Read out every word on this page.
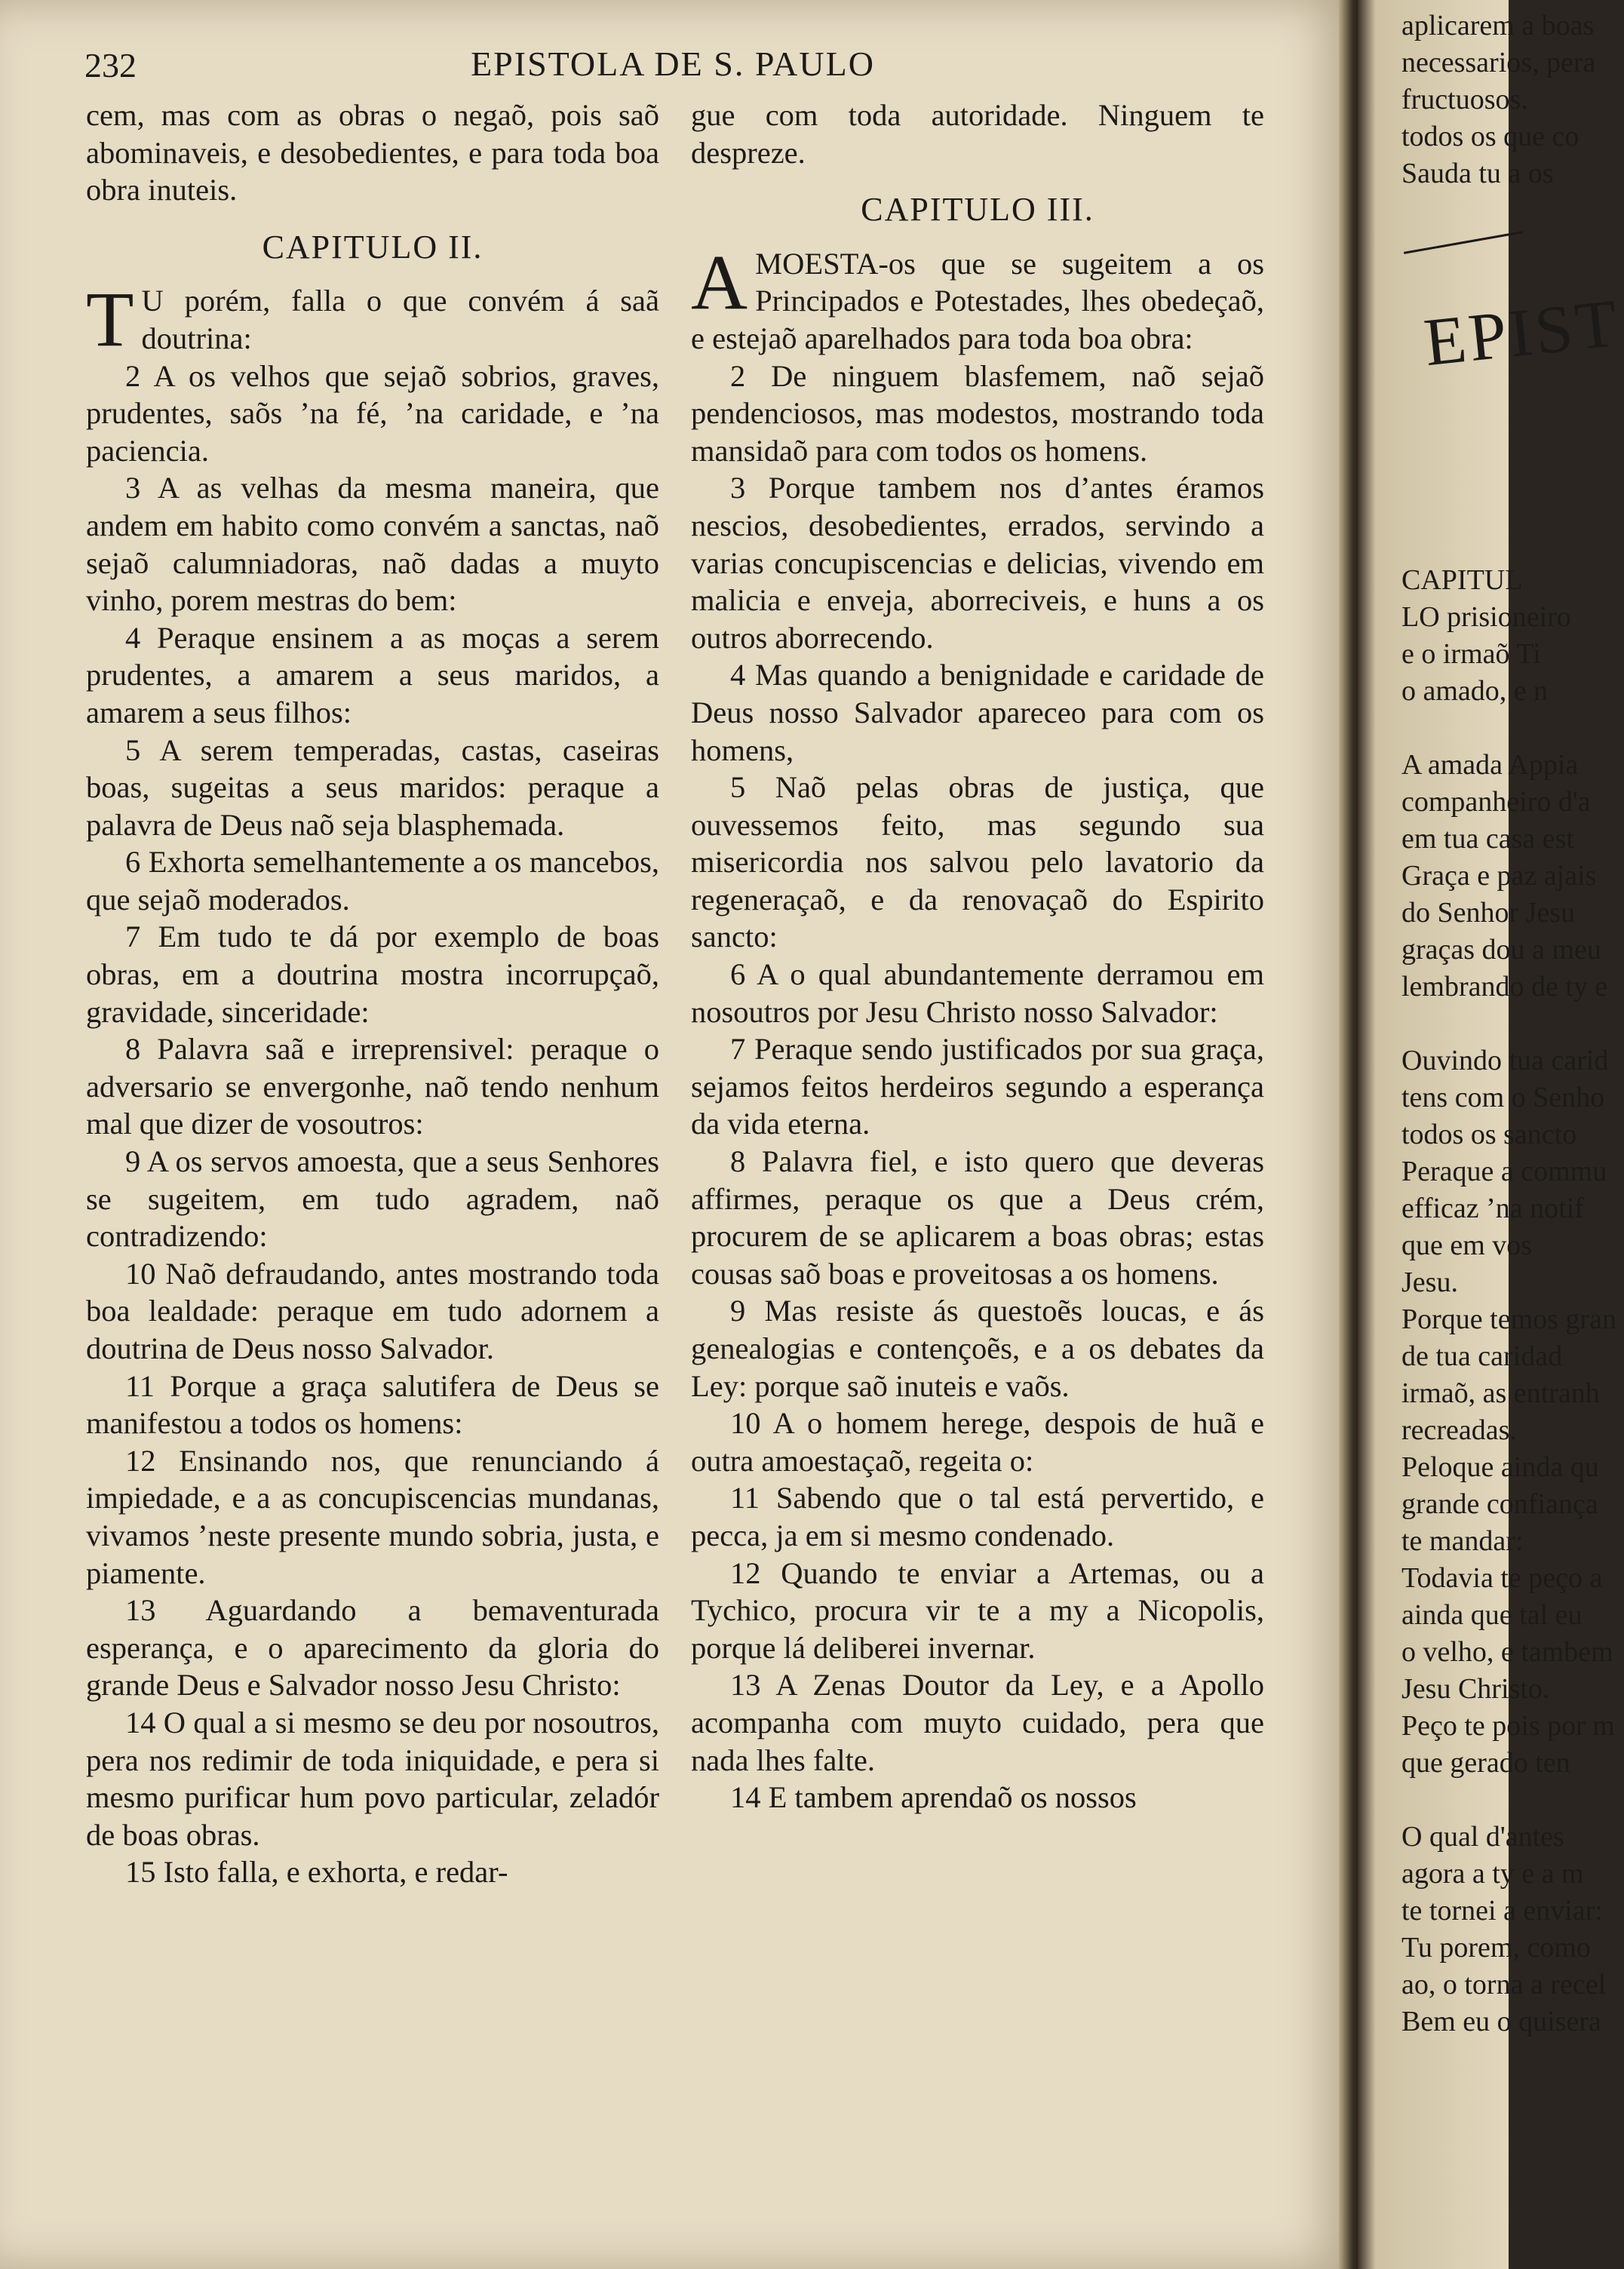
232	EPISTOLA DE S. PAULO

cem, mas com as obras o negaõ, pois saõ abominaveis, e desobedientes, e para toda boa obra inuteis.

CAPITULO II.

T U porém, falla o que convém á saã doutrina:

2 A os velhos que sejaõ sobrios, graves, prudentes, saõs ’na fé, ’na caridade, e ’na paciencia.

3 A as velhas da mesma maneira, que andem em habito como convém a sanctas, naõ sejaõ calumniadoras, naõ dadas a muyto vinho, porem mestras do bem:

4 Peraque ensinem a as moças a serem prudentes, a amarem a seus maridos, a amarem a seus filhos:

5 A serem temperadas, castas, caseiras boas, sugeitas a seus maridos: peraque a palavra de Deus naõ seja blasphemada.

6 Exhorta semelhantemente a os mancebos, que sejaõ moderados.

7 Em tudo te dá por exemplo de boas obras, em a doutrina mostra incorrupçaõ, gravidade, sinceridade:

8 Palavra saã e irreprensivel: peraque o adversario se envergonhe, naõ tendo nenhum mal que dizer de vosoutros:

9 A os servos amoesta, que a seus Senhores se sugeitem, em tudo agradem, naõ contradizendo:

10 Naõ defraudando, antes mostrando toda boa lealdade: peraque em tudo adornem a doutrina de Deus nosso Salvador.

11 Porque a graça salutifera de Deus se manifestou a todos os homens:

12 Ensinando nos, que renunciando á impiedade, e a as concupiscencias mundanas, vivamos ’neste presente mundo sobria, justa, e piamente.

13 Aguardando a bemaventurada esperança, e o aparecimento da gloria do grande Deus e Salvador nosso Jesu Christo:

14 O qual a si mesmo se deu por nosoutros, pera nos redimir de toda iniquidade, e pera si mesmo purificar hum povo particular, zeladór de boas obras.

15 Isto falla, e exhorta, e redar-

gue com toda autoridade. Ninguem te despreze.

CAPITULO III.

A MOESTA-os que se sugeitem a os Principados e Potestades, lhes obedeçaõ, e estejaõ aparelhados para toda boa obra:

2 De ninguem blasfemem, naõ sejaõ pendenciosos, mas modestos, mostrando toda mansidaõ para com todos os homens.

3 Porque tambem nos d’antes éramos nescios, desobedientes, errados, servindo a varias concupiscencias e delicias, vivendo em malicia e enveja, aborreciveis, e huns a os outros aborrecendo.

4 Mas quando a benignidade e caridade de Deus nosso Salvador apareceo para com os homens,

5 Naõ pelas obras de justiça, que ouvessemos feito, mas segundo sua misericordia nos salvou pelo lavatorio da regeneraçaõ, e da renovaçaõ do Espirito sancto:

6 A o qual abundantemente derramou em nosoutros por Jesu Christo nosso Salvador:

7 Peraque sendo justificados por sua graça, sejamos feitos herdeiros segundo a esperança da vida eterna.

8 Palavra fiel, e isto quero que deveras affirmes, peraque os que a Deus crém, procurem de se aplicarem a boas obras; estas cousas saõ boas e proveitosas a os homens.

9 Mas resiste ás questoẽs loucas, e ás genealogias e contençoẽs, e a os debates da Ley: porque saõ inuteis e vaõs.

10 A o homem herege, despois de huã e outra amoestaçaõ, regeita o:

11 Sabendo que o tal está pervertido, e pecca, ja em si mesmo condenado.

12 Quando te enviar a Artemas, ou a Tychico, procura vir te a my a Nicopolis, porque lá deliberei invernar.

13 A Zenas Doutor da Ley, e a Apollo acompanha com muyto cuidado, pera que nada lhes falte.

14 E tambem aprendaõ os nossos

EPIST
aplicarem a boas
necessarios, pera
fructuosos.
todos os que co
Sauda tu a os
CAPITUL
LO prisioneiro
e o irmaõ Ti
o amado, e n
A amada Appia
companheiro d'a
em tua casa est
Graça e paz ajais
do Senhor Jesu
graças dou a meu
lembrando de ty e
Ouvindo tua carid
tens com o Senho
todos os sancto
Peraque a commu
efficaz ’na notif
que em vos
Jesu.
Porque temos gran
de tua caridad
irmaõ, as entranh
recreadas.
Peloque ainda qu
grande confiança
te mandar:
Todavia te peço a
ainda que tal eu
o velho, e tambem
Jesu Christo.
Peço te pois por m
que gerado ten
O qual d'antes
agora a ty e a m
te tornei a enviar:
Tu porem, como
ao, o torna a recel
Bem eu o quisera
